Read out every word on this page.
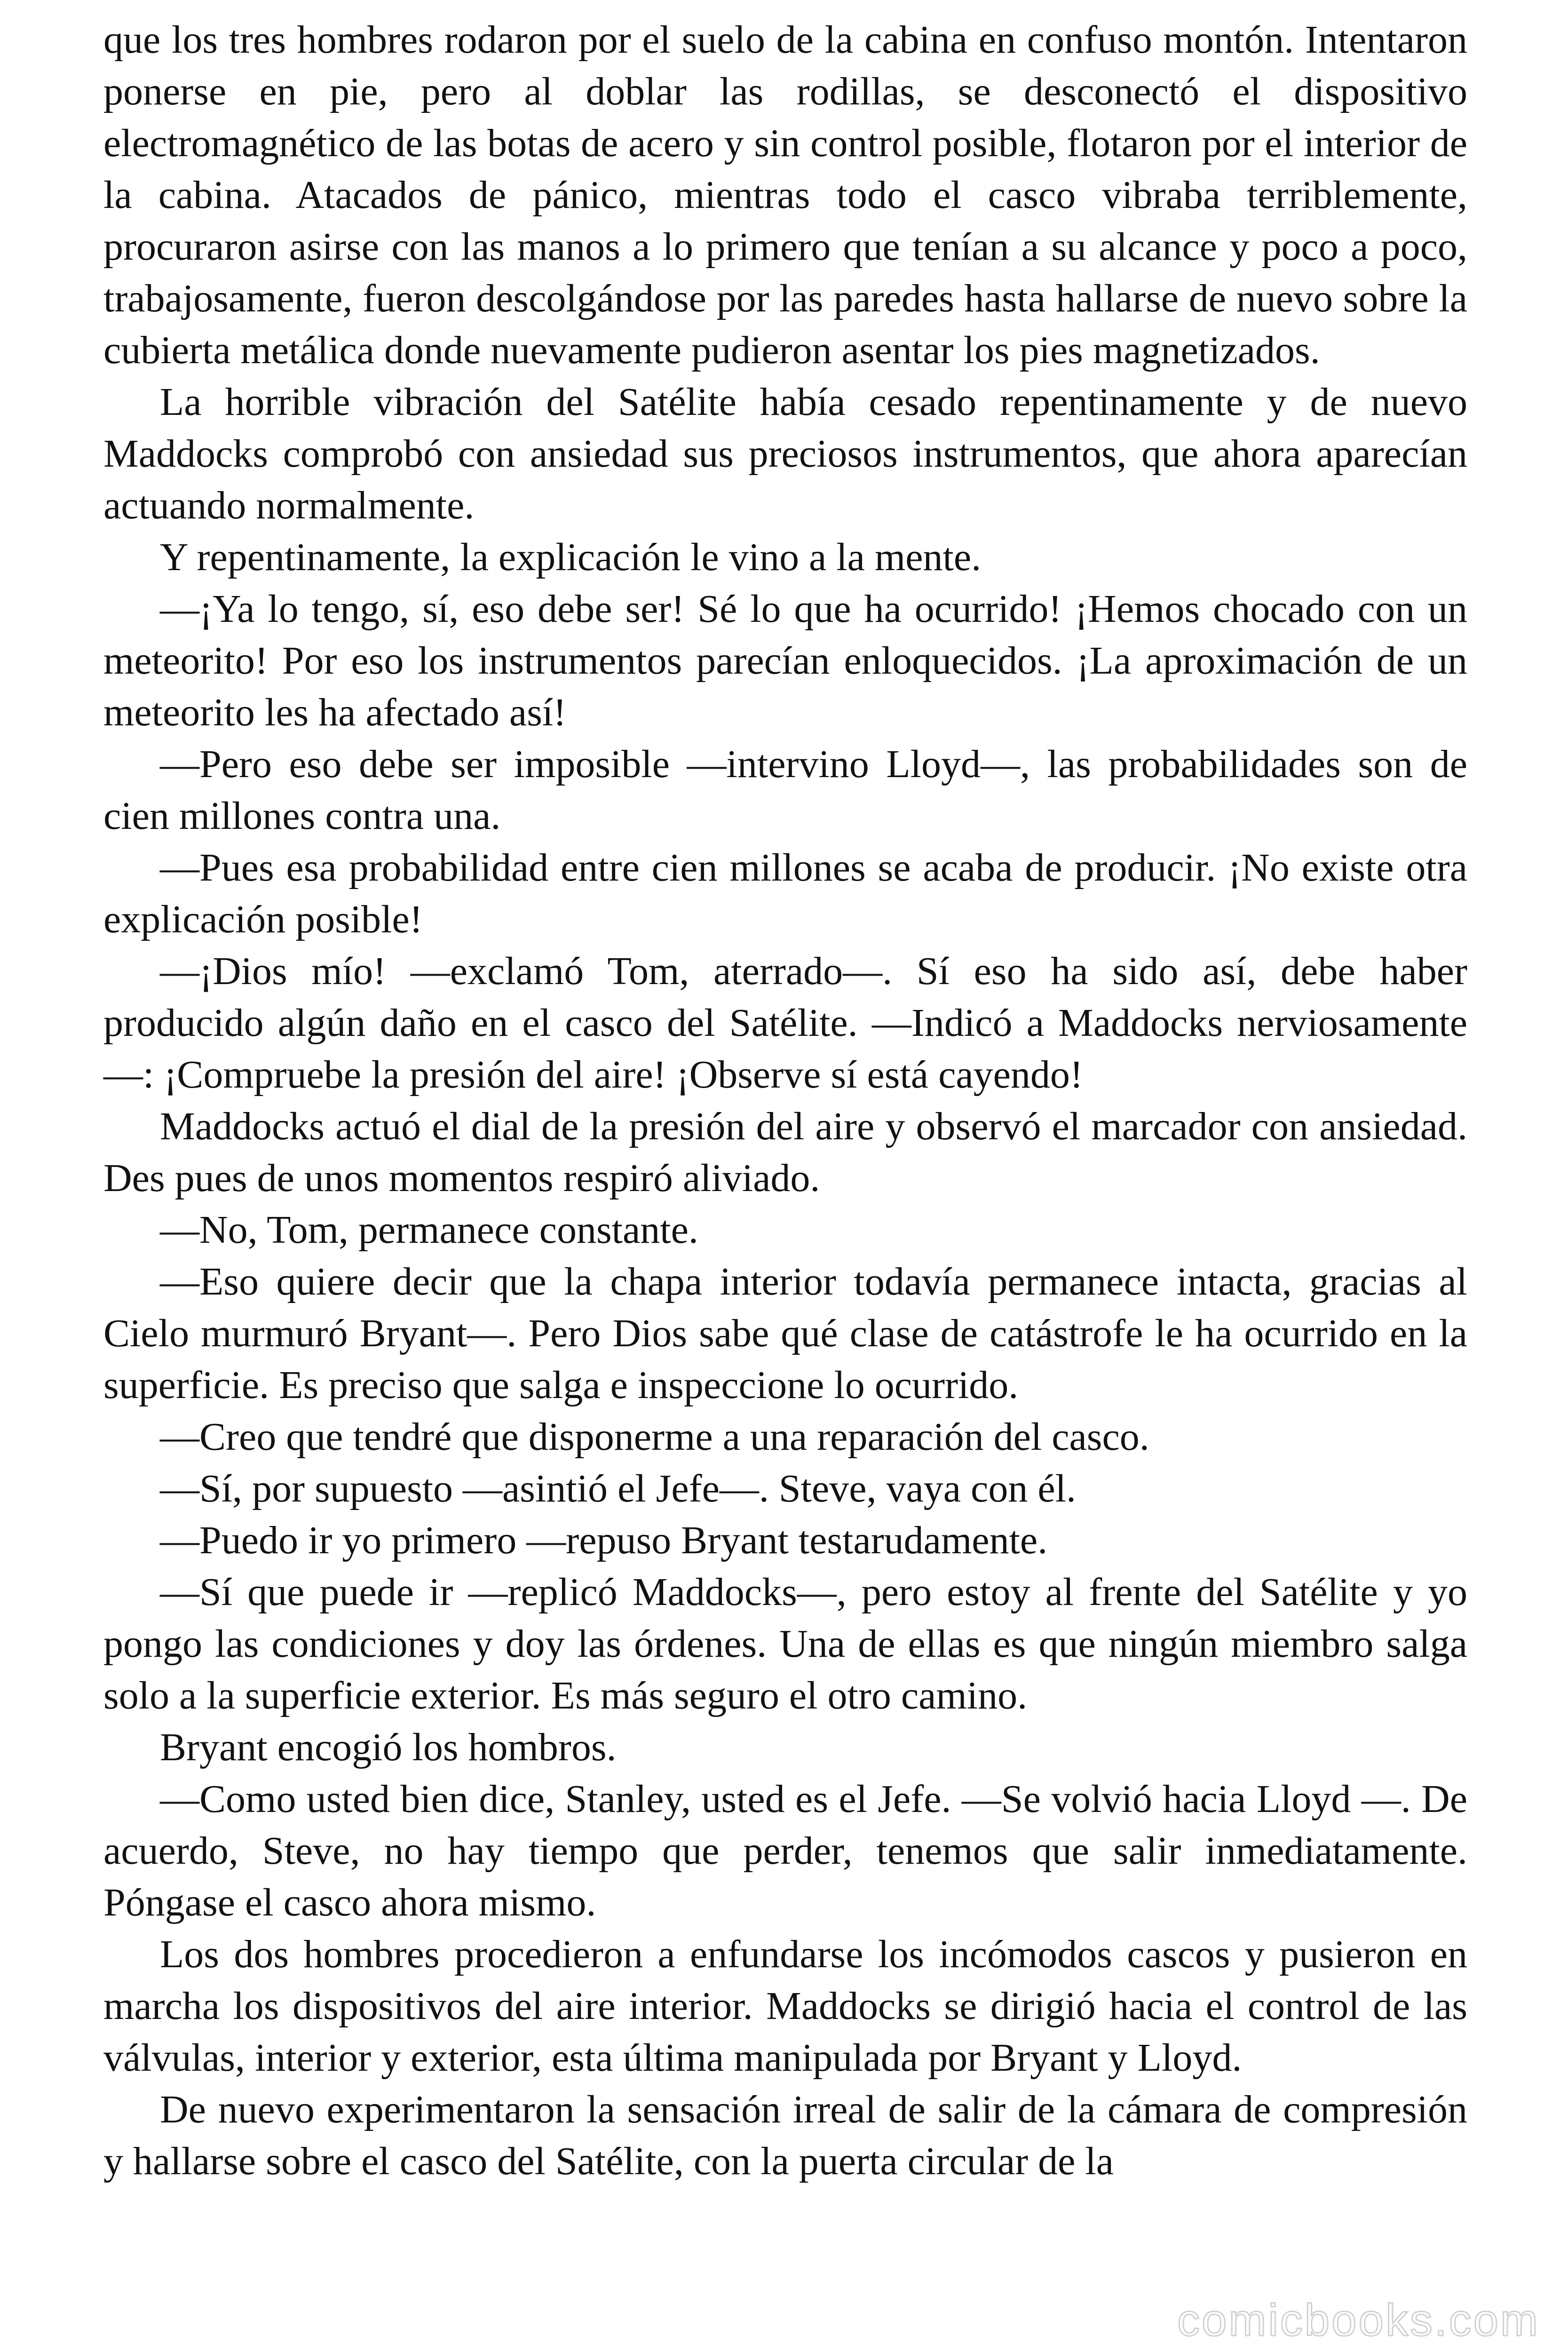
que los tres hombres rodaron por el suelo de la cabina en confuso montón. Intentaron ponerse en pie, pero al doblar las rodillas, se desconectó el dispositivo electromagnético de las botas de acero y sin control posible, flotaron por el interior de la cabina. Atacados de pánico, mientras todo el casco vibraba terriblemente, procuraron asirse con las manos a lo primero que tenían a su alcance y poco a poco, trabajosamente, fueron descolgándose por las paredes hasta hallarse de nuevo sobre la cubierta metálica donde nuevamente pudieron asentar los pies magnetizados.

La horrible vibración del Satélite había cesado repentinamente y de nuevo Maddocks comprobó con ansiedad sus preciosos instrumentos, que ahora aparecían actuando normalmente.

Y repentinamente, la explicación le vino a la mente.

—¡Ya lo tengo, sí, eso debe ser! Sé lo que ha ocurrido! ¡Hemos chocado con un meteorito! Por eso los instrumentos parecían enloquecidos. ¡La aproximación de un meteorito les ha afectado así!

—Pero eso debe ser imposible —intervino Lloyd—, las probabilidades son de cien millones contra una.

—Pues esa probabilidad entre cien millones se acaba de producir. ¡No existe otra explicación posible!

—¡Dios mío! —exclamó Tom, aterrado—. Sí eso ha sido así, debe haber producido algún daño en el casco del Satélite. —Indicó a Maddocks nerviosamente—: ¡Compruebe la presión del aire! ¡Observe sí está cayendo!

Maddocks actuó el dial de la presión del aire y observó el marcador con ansiedad. Des pues de unos momentos respiró aliviado.

—No, Tom, permanece constante.

—Eso quiere decir que la chapa interior todavía permanece intacta, gracias al Cielo murmuró Bryant—. Pero Dios sabe qué clase de catástrofe le ha ocurrido en la superficie. Es preciso que salga e inspeccione lo ocurrido.

—Creo que tendré que disponerme a una reparación del casco.

—Sí, por supuesto —asintió el Jefe—. Steve, vaya con él.

—Puedo ir yo primero —repuso Bryant testarudamente.

—Sí que puede ir —replicó Maddocks—, pero estoy al frente del Satélite y yo pongo las condiciones y doy las órdenes. Una de ellas es que ningún miembro salga solo a la superficie exterior. Es más seguro el otro camino.

Bryant encogió los hombros.

—Como usted bien dice, Stanley, usted es el Jefe. —Se volvió hacia Lloyd —. De acuerdo, Steve, no hay tiempo que perder, tenemos que salir inmediatamente. Póngase el casco ahora mismo.

Los dos hombres procedieron a enfundarse los incómodos cascos y pusieron en marcha los dispositivos del aire interior. Maddocks se dirigió hacia el control de las válvulas, interior y exterior, esta última manipulada por Bryant y Lloyd.

De nuevo experimentaron la sensación irreal de salir de la cámara de compresión y hallarse sobre el casco del Satélite, con la puerta circular de la

comicbooks.com
